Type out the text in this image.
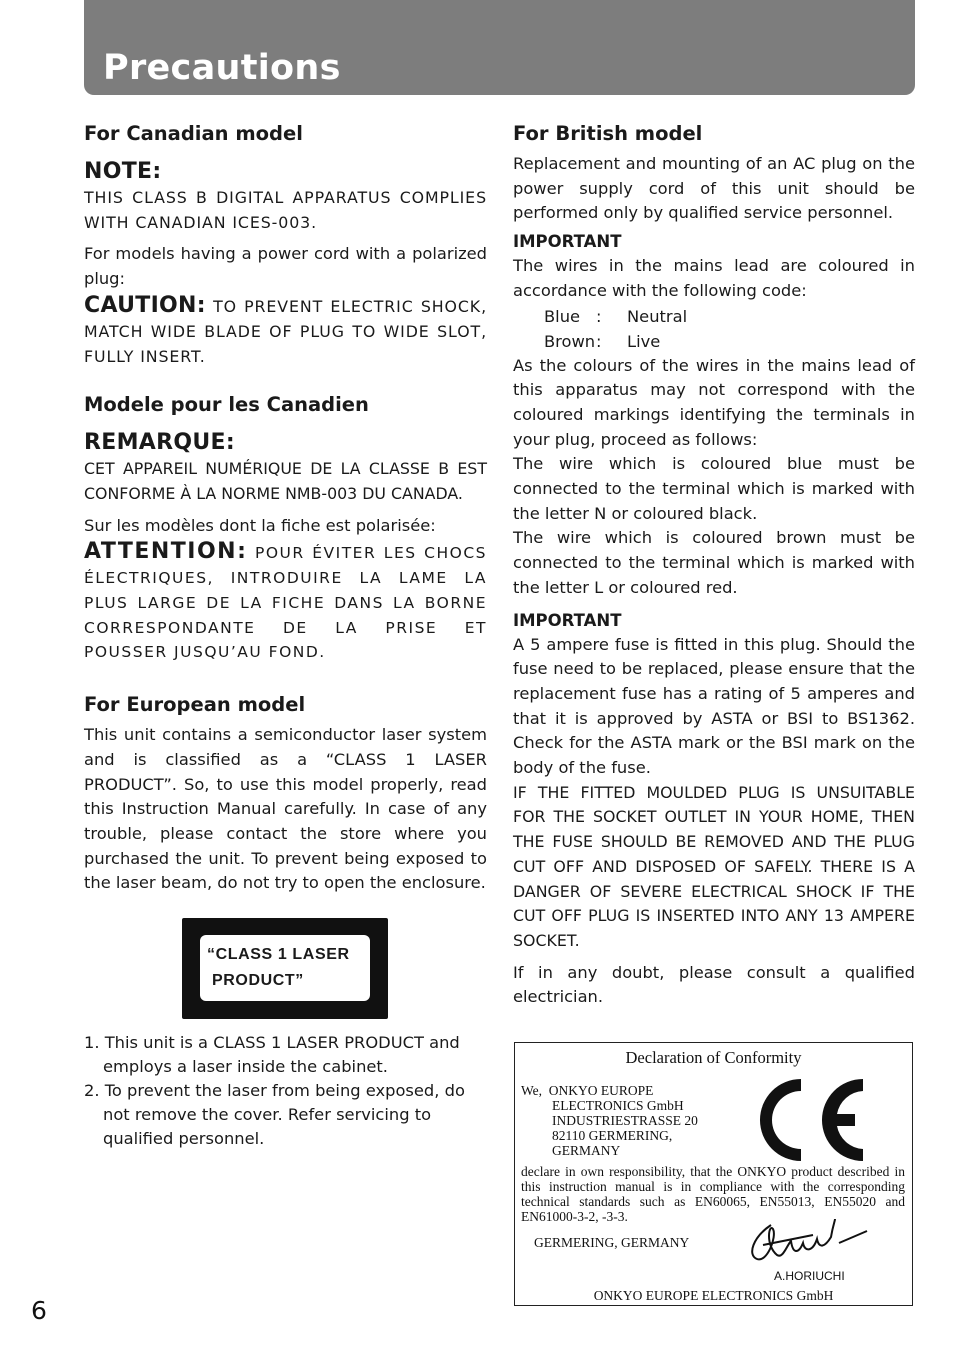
Precautions
For Canadian model
NOTE:

THIS CLASS B DIGITAL APPARATUS COMPLIES WITH CANADIAN ICES-003.

For models having a power cord with a polarized plug:

CAUTION: TO PREVENT ELECTRIC SHOCK, MATCH WIDE BLADE OF PLUG TO WIDE SLOT, FULLY INSERT.

Modele pour les Canadien
REMARQUE:

CET APPAREIL NUMÉRIQUE DE LA CLASSE B EST CONFORME À LA NORME NMB-003 DU CANADA.

Sur les modèles dont la fiche est polarisée:

ATTENTION: POUR ÉVITER LES CHOCS ÉLECTRIQUES, INTRODUIRE LA LAME LA PLUS LARGE DE LA FICHE DANS LA BORNE CORRESPONDANTE DE LA PRISE ET POUSSER JUSQU’AU FOND.

For European model

This unit contains a semiconductor laser system and is classified as a “CLASS 1 LASER PRODUCT”. So, to use this model properly, read this Instruction Manual carefully. In case of any trouble, please contact the store where you purchased the unit. To prevent being exposed to the laser beam, do not try to open the enclosure.

“CLASS 1 LASER
PRODUCT”
1. This unit is a CLASS 1 LASER PRODUCT and employs a laser inside the cabinet.
2. To prevent the laser from being exposed, do not remove the cover. Refer servicing to qualified personnel.
For British model

Replacement and mounting of an AC plug on the power supply cord of this unit should be performed only by qualified service personnel.

IMPORTANT

The wires in the mains lead are coloured in accordance with the following code:

Blue : Neutral
Brown: Live

As the colours of the wires in the mains lead of this apparatus may not correspond with the coloured markings identifying the terminals in your plug, proceed as follows:

The wire which is coloured blue must be connected to the terminal which is marked with the letter N or coloured black.

The wire which is coloured brown must be connected to the terminal which is marked with the letter L or coloured red.

IMPORTANT

A 5 ampere fuse is fitted in this plug. Should the fuse need to be replaced, please ensure that the replacement fuse has a rating of 5 amperes and that it is approved by ASTA or BSI to BS1362. Check for the ASTA mark or the BSI mark on the body of the fuse.

IF THE FITTED MOULDED PLUG IS UNSUITABLE FOR THE SOCKET OUTLET IN YOUR HOME, THEN THE FUSE SHOULD BE REMOVED AND THE PLUG CUT OFF AND DISPOSED OF SAFELY. THERE IS A DANGER OF SEVERE ELECTRICAL SHOCK IF THE CUT OFF PLUG IS INSERTED INTO ANY 13 AMPERE SOCKET.

If in any doubt, please consult a qualified electrician.

Declaration of Conformity
We, ONKYO EUROPE
ELECTRONICS GmbH
INDUSTRIESTRASSE 20
82110 GERMERING,
GERMANY
declare in own responsibility, that the ONKYO product described in this instruction manual is in compliance with the corresponding technical standards such as EN60065, EN55013, EN55020 and EN61000-3-2, -3-3.
GERMERING, GERMANY
A.HORIUCHI
ONKYO EUROPE ELECTRONICS GmbH
6
